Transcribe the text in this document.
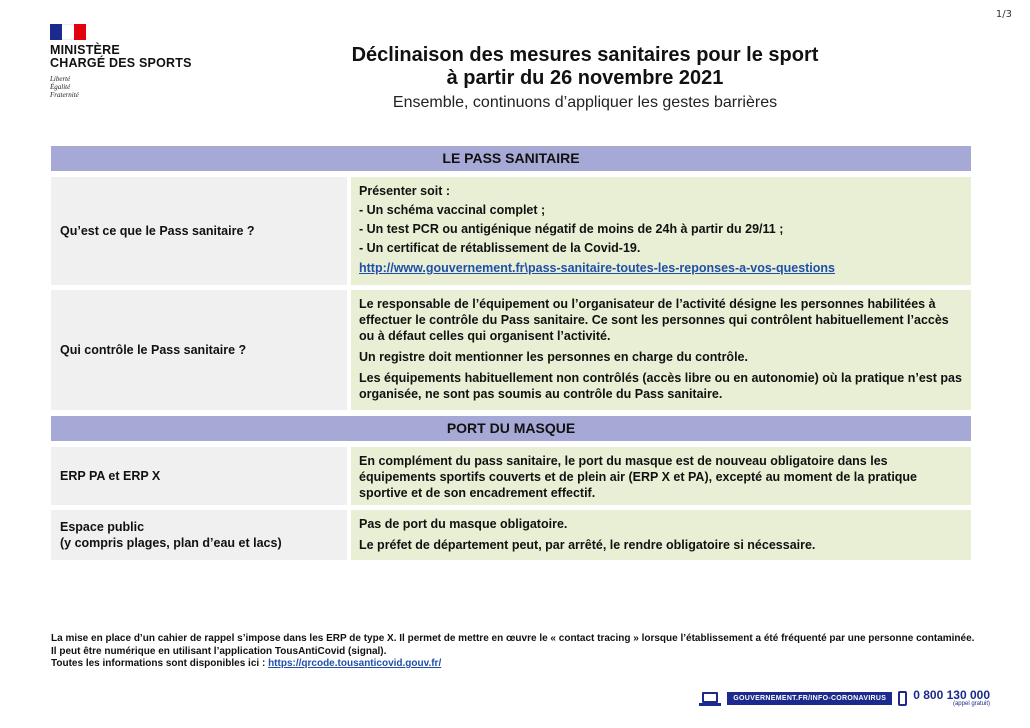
1/3
MINISTÈRE
CHARGÉ DES SPORTS
Liberté
Égalité
Fraternité
Déclinaison des mesures sanitaires pour le sport
à partir du 26 novembre 2021
Ensemble, continuons d’appliquer les gestes barrières
LE PASS SANITAIRE
Qu’est ce que le Pass sanitaire ?

Présenter soit :

- Un schéma vaccinal complet ;

- Un test PCR ou antigénique négatif de moins de 24h à partir du 29/11 ;

- Un certificat de rétablissement de la Covid-19.

http://www.gouvernement.fr\pass-sanitaire-toutes-les-reponses-a-vos-questions

Qui contrôle le Pass sanitaire ?

Le responsable de l’équipement ou l’organisateur de l’activité désigne les personnes habilitées à effectuer le contrôle du Pass sanitaire. Ce sont les personnes qui contrôlent habituellement l’accès ou à défaut celles qui organisent l’activité.

Un registre doit mentionner les personnes en charge du contrôle.

Les équipements habituellement non contrôlés (accès libre ou en autonomie) où la pratique n’est pas organisée, ne sont pas soumis au contrôle du Pass sanitaire.

PORT DU MASQUE
ERP PA et ERP X

En complément du pass sanitaire, le port du masque est de nouveau obligatoire dans les équipements sportifs couverts et de plein air (ERP X et PA), excepté au moment de la pratique sportive et de son encadrement effectif.

Espace public
(y compris plages, plan d’eau et lacs)

Pas de port du masque obligatoire.

Le préfet de département peut, par arrêté, le rendre obligatoire si nécessaire.

La mise en place d’un cahier de rappel s’impose dans les ERP de type X. Il permet de mettre en œuvre le « contact tracing » lorsque l’établissement a été fréquenté par une personne contaminée. Il peut être numérique en utilisant l’application TousAntiCovid (signal).

Toutes les informations sont disponibles ici : https://qrcode.tousanticovid.gouv.fr/

GOUVERNEMENT.FR/INFO-CORONAVIRUS	0 800 130 000
(appel gratuit)
